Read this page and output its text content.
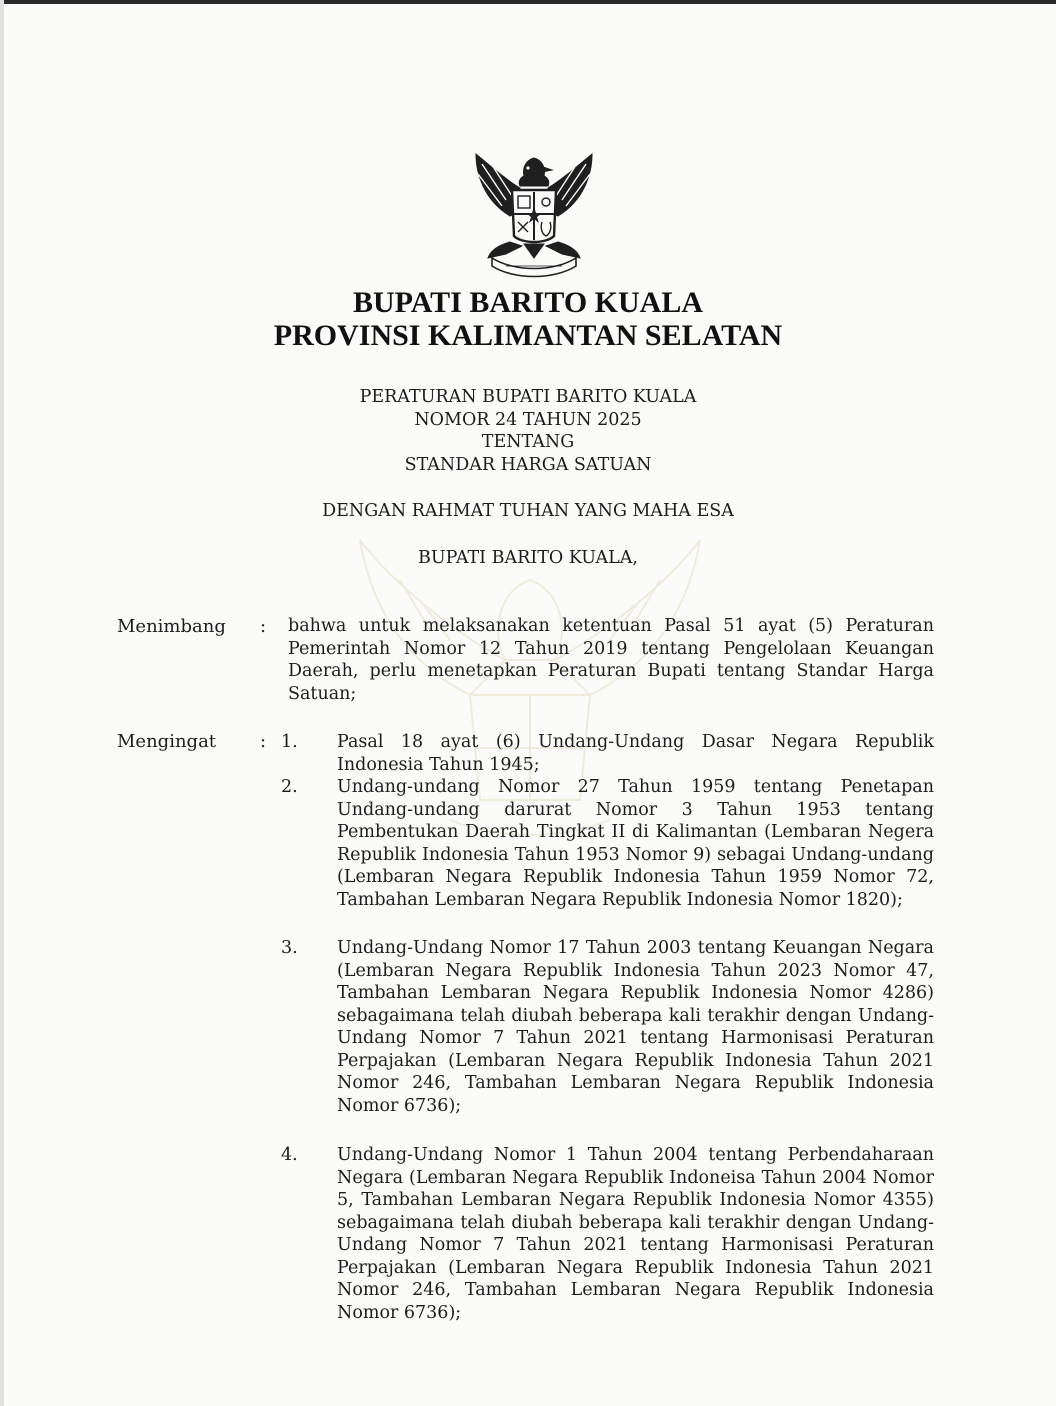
BUPATI BARITO KUALA
PROVINSI KALIMANTAN SELATAN
PERATURAN BUPATI BARITO KUALA
NOMOR 24 TAHUN 2025
TENTANG
STANDAR HARGA SATUAN
DENGAN RAHMAT TUHAN YANG MAHA ESA
BUPATI BARITO KUALA,
Menimbang : bahwa untuk melaksanakan ketentuan Pasal 51 ayat (5) Peraturan Pemerintah Nomor 12 Tahun 2019 tentang Pengelolaan Keuangan Daerah, perlu menetapkan Peraturan Bupati tentang Standar Harga Satuan;

Mengingat : 1. Pasal 18 ayat (6) Undang-Undang Dasar Negara Republik Indonesia Tahun 1945;

2. Undang-undang Nomor 27 Tahun 1959 tentang Penetapan Undang-undang darurat Nomor 3 Tahun 1953 tentang Pembentukan Daerah Tingkat II di Kalimantan (Lembaran Negera Republik Indonesia Tahun 1953 Nomor 9) sebagai Undang-undang (Lembaran Negara Republik Indonesia Tahun 1959 Nomor 72, Tambahan Lembaran Negara Republik Indonesia Nomor 1820);

3. Undang-Undang Nomor 17 Tahun 2003 tentang Keuangan Negara (Lembaran Negara Republik Indonesia Tahun 2023 Nomor 47, Tambahan Lembaran Negara Republik Indonesia Nomor 4286) sebagaimana telah diubah beberapa kali terakhir dengan Undang-Undang Nomor 7 Tahun 2021 tentang Harmonisasi Peraturan Perpajakan (Lembaran Negara Republik Indonesia Tahun 2021 Nomor 246, Tambahan Lembaran Negara Republik Indonesia Nomor 6736);

4. Undang-Undang Nomor 1 Tahun 2004 tentang Perbendaharaan Negara (Lembaran Negara Republik Indoneisa Tahun 2004 Nomor 5, Tambahan Lembaran Negara Republik Indonesia Nomor 4355) sebagaimana telah diubah beberapa kali terakhir dengan Undang-Undang Nomor 7 Tahun 2021 tentang Harmonisasi Peraturan Perpajakan (Lembaran Negara Republik Indonesia Tahun 2021 Nomor 246, Tambahan Lembaran Negara Republik Indonesia Nomor 6736);
